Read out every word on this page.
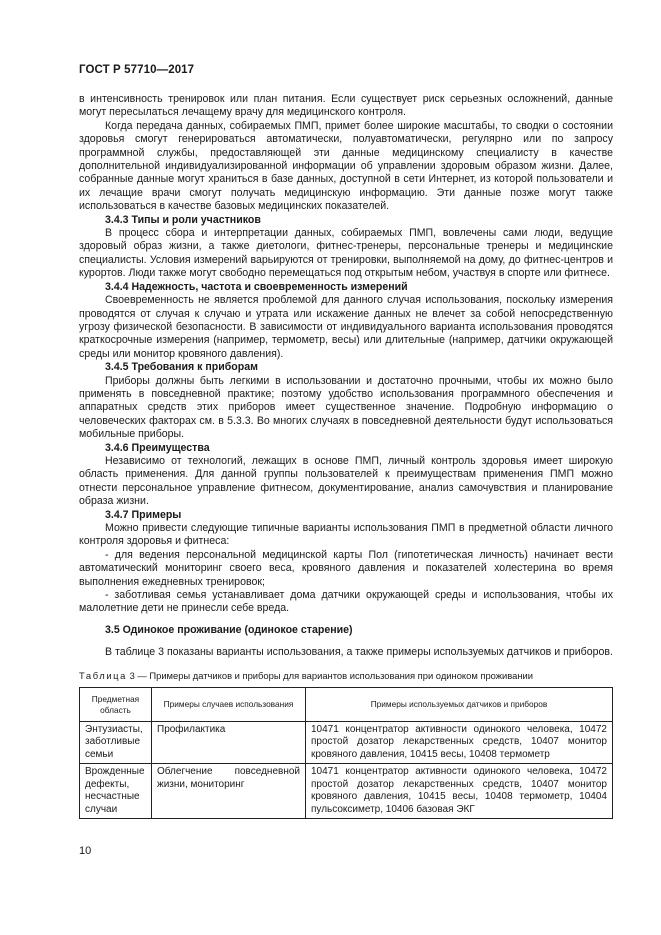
ГОСТ Р 57710—2017

в интенсивность тренировок или план питания. Если существует риск серьезных осложнений, данные могут пересылаться лечащему врачу для медицинского контроля.

Когда передача данных, собираемых ПМП, примет более широкие масштабы, то сводки о состоянии здоровья смогут генерироваться автоматически, полуавтоматически, регулярно или по запросу программной службы, предоставляющей эти данные медицинскому специалисту в качестве дополнительной индивидуализированной информации об управлении здоровым образом жизни. Далее, собранные данные могут храниться в базе данных, доступной в сети Интернет, из которой пользователи и их лечащие врачи смогут получать медицинскую информацию. Эти данные позже могут также использоваться в качестве базовых медицинских показателей.

3.4.3 Типы и роли участников

В процесс сбора и интерпретации данных, собираемых ПМП, вовлечены сами люди, ведущие здоровый образ жизни, а также диетологи, фитнес-тренеры, персональные тренеры и медицинские специалисты. Условия измерений варьируются от тренировки, выполняемой на дому, до фитнес-центров и курортов. Люди также могут свободно перемещаться под открытым небом, участвуя в спорте или фитнесе.

3.4.4 Надежность, частота и своевременность измерений

Своевременность не является проблемой для данного случая использования, поскольку измерения проводятся от случая к случаю и утрата или искажение данных не влечет за собой непосредственную угрозу физической безопасности. В зависимости от индивидуального варианта использования проводятся краткосрочные измерения (например, термометр, весы) или длительные (например, датчики окружающей среды или монитор кровяного давления).

3.4.5 Требования к приборам

Приборы должны быть легкими в использовании и достаточно прочными, чтобы их можно было применять в повседневной практике; поэтому удобство использования программного обеспечения и аппаратных средств этих приборов имеет существенное значение. Подробную информацию о человеческих факторах см. в 5.3.3. Во многих случаях в повседневной деятельности будут использоваться мобильные приборы.

3.4.6 Преимущества

Независимо от технологий, лежащих в основе ПМП, личный контроль здоровья имеет широкую область применения. Для данной группы пользователей к преимуществам применения ПМП можно отнести персональное управление фитнесом, документирование, анализ самочувствия и планирование образа жизни.

3.4.7 Примеры

Можно привести следующие типичные варианты использования ПМП в предметной области личного контроля здоровья и фитнеса:

- для ведения персональной медицинской карты Пол (гипотетическая личность) начинает вести автоматический мониторинг своего веса, кровяного давления и показателей холестерина во время выполнения ежедневных тренировок;

- заботливая семья устанавливает дома датчики окружающей среды и использования, чтобы их малолетние дети не принесли себе вреда.

3.5 Одинокое проживание (одинокое старение)

В таблице 3 показаны варианты использования, а также примеры используемых датчиков и приборов.

Таблица 3 — Примеры датчиков и приборы для вариантов использования при одиноком проживании
Предметная область	Примеры случаев использования	Примеры используемых датчиков и приборов
Энтузиасты, заботливые семьи	Профилактика	10471 концентратор активности одинокого человека, 10472 простой дозатор лекарственных средств, 10407 монитор кровяного давления, 10415 весы, 10408 термометр
Врожденные дефекты, несчастные случаи	Облегчение повседневной жизни, мониторинг	10471 концентратор активности одинокого человека, 10472 простой дозатор лекарственных средств, 10407 монитор кровяного давления, 10415 весы, 10408 термометр, 10404 пульсоксиметр, 10406 базовая ЭКГ
10
